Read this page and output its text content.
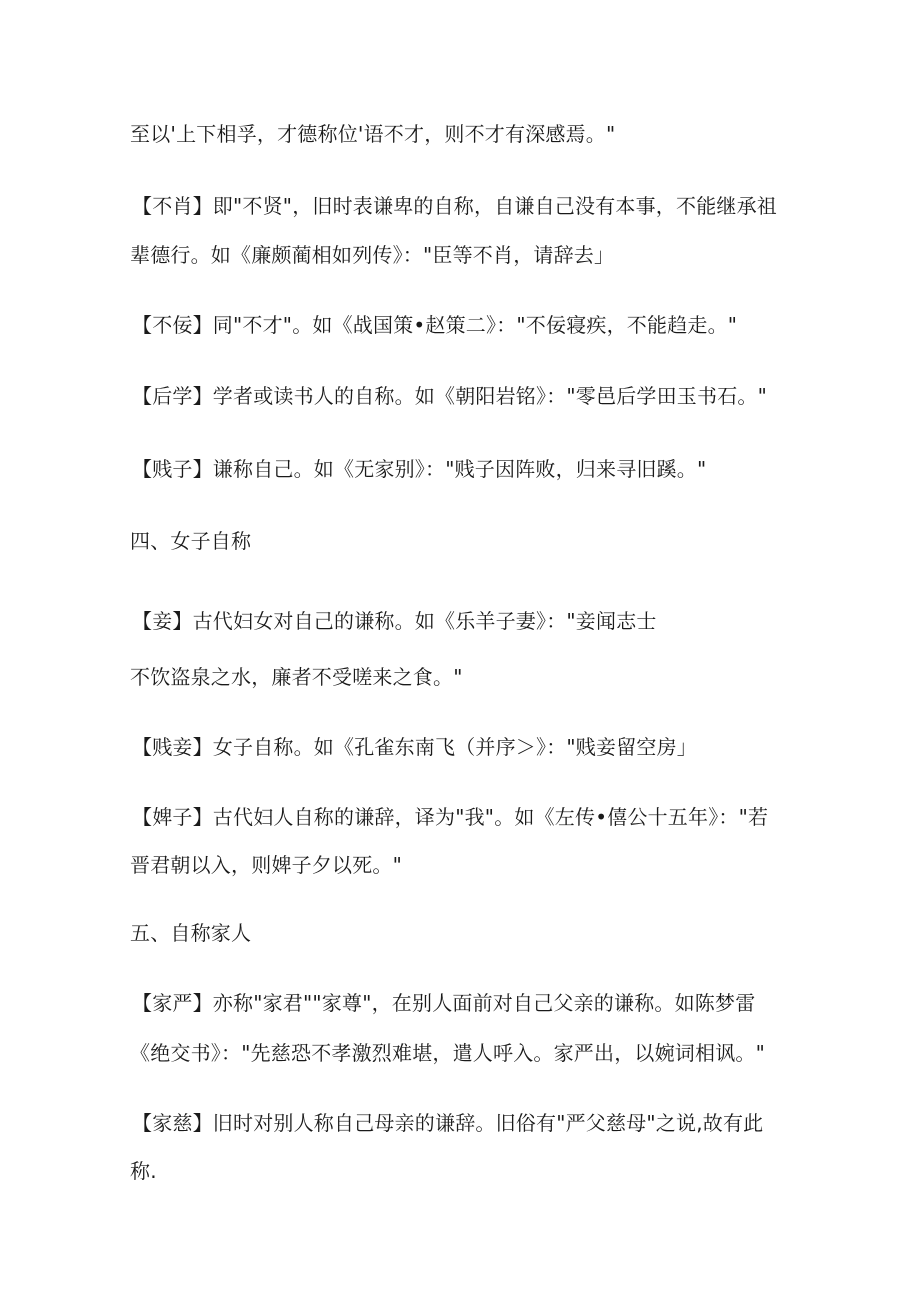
至以'上下相孚，才德称位'语不才，则不才有深感焉。"
【不肖】即"不贤"，旧时表谦卑的自称，自谦自己没有本事，不能继承祖
辈德行。如《廉颇蔺相如列传》："臣等不肖，请辞去」
【不佞】同"不才"。如《战国策•赵策二》："不佞寝疾，不能趋走。"
【后学】学者或读书人的自称。如《朝阳岩铭》："零邑后学田玉书石。"
【贱子】谦称自己。如《无家别》："贱子因阵败，归来寻旧蹊。"
四、女子自称
【妾】古代妇女对自己的谦称。如《乐羊子妻》："妾闻志士
不饮盗泉之水，廉者不受嗟来之食。"
【贱妾】女子自称。如《孔雀东南飞（并序＞》："贱妾留空房」
【婢子】古代妇人自称的谦辞，译为"我"。如《左传•僖公十五年》："若
晋君朝以入，则婢子夕以死。"
五、自称家人
【家严】亦称"家君""家尊"，在别人面前对自己父亲的谦称。如陈梦雷
《绝交书》："先慈恐不孝激烈难堪，遣人呼入。家严出，以婉词相讽。"
【家慈】旧时对别人称自己母亲的谦辞。旧俗有"严父慈母"之说,故有此
称.
